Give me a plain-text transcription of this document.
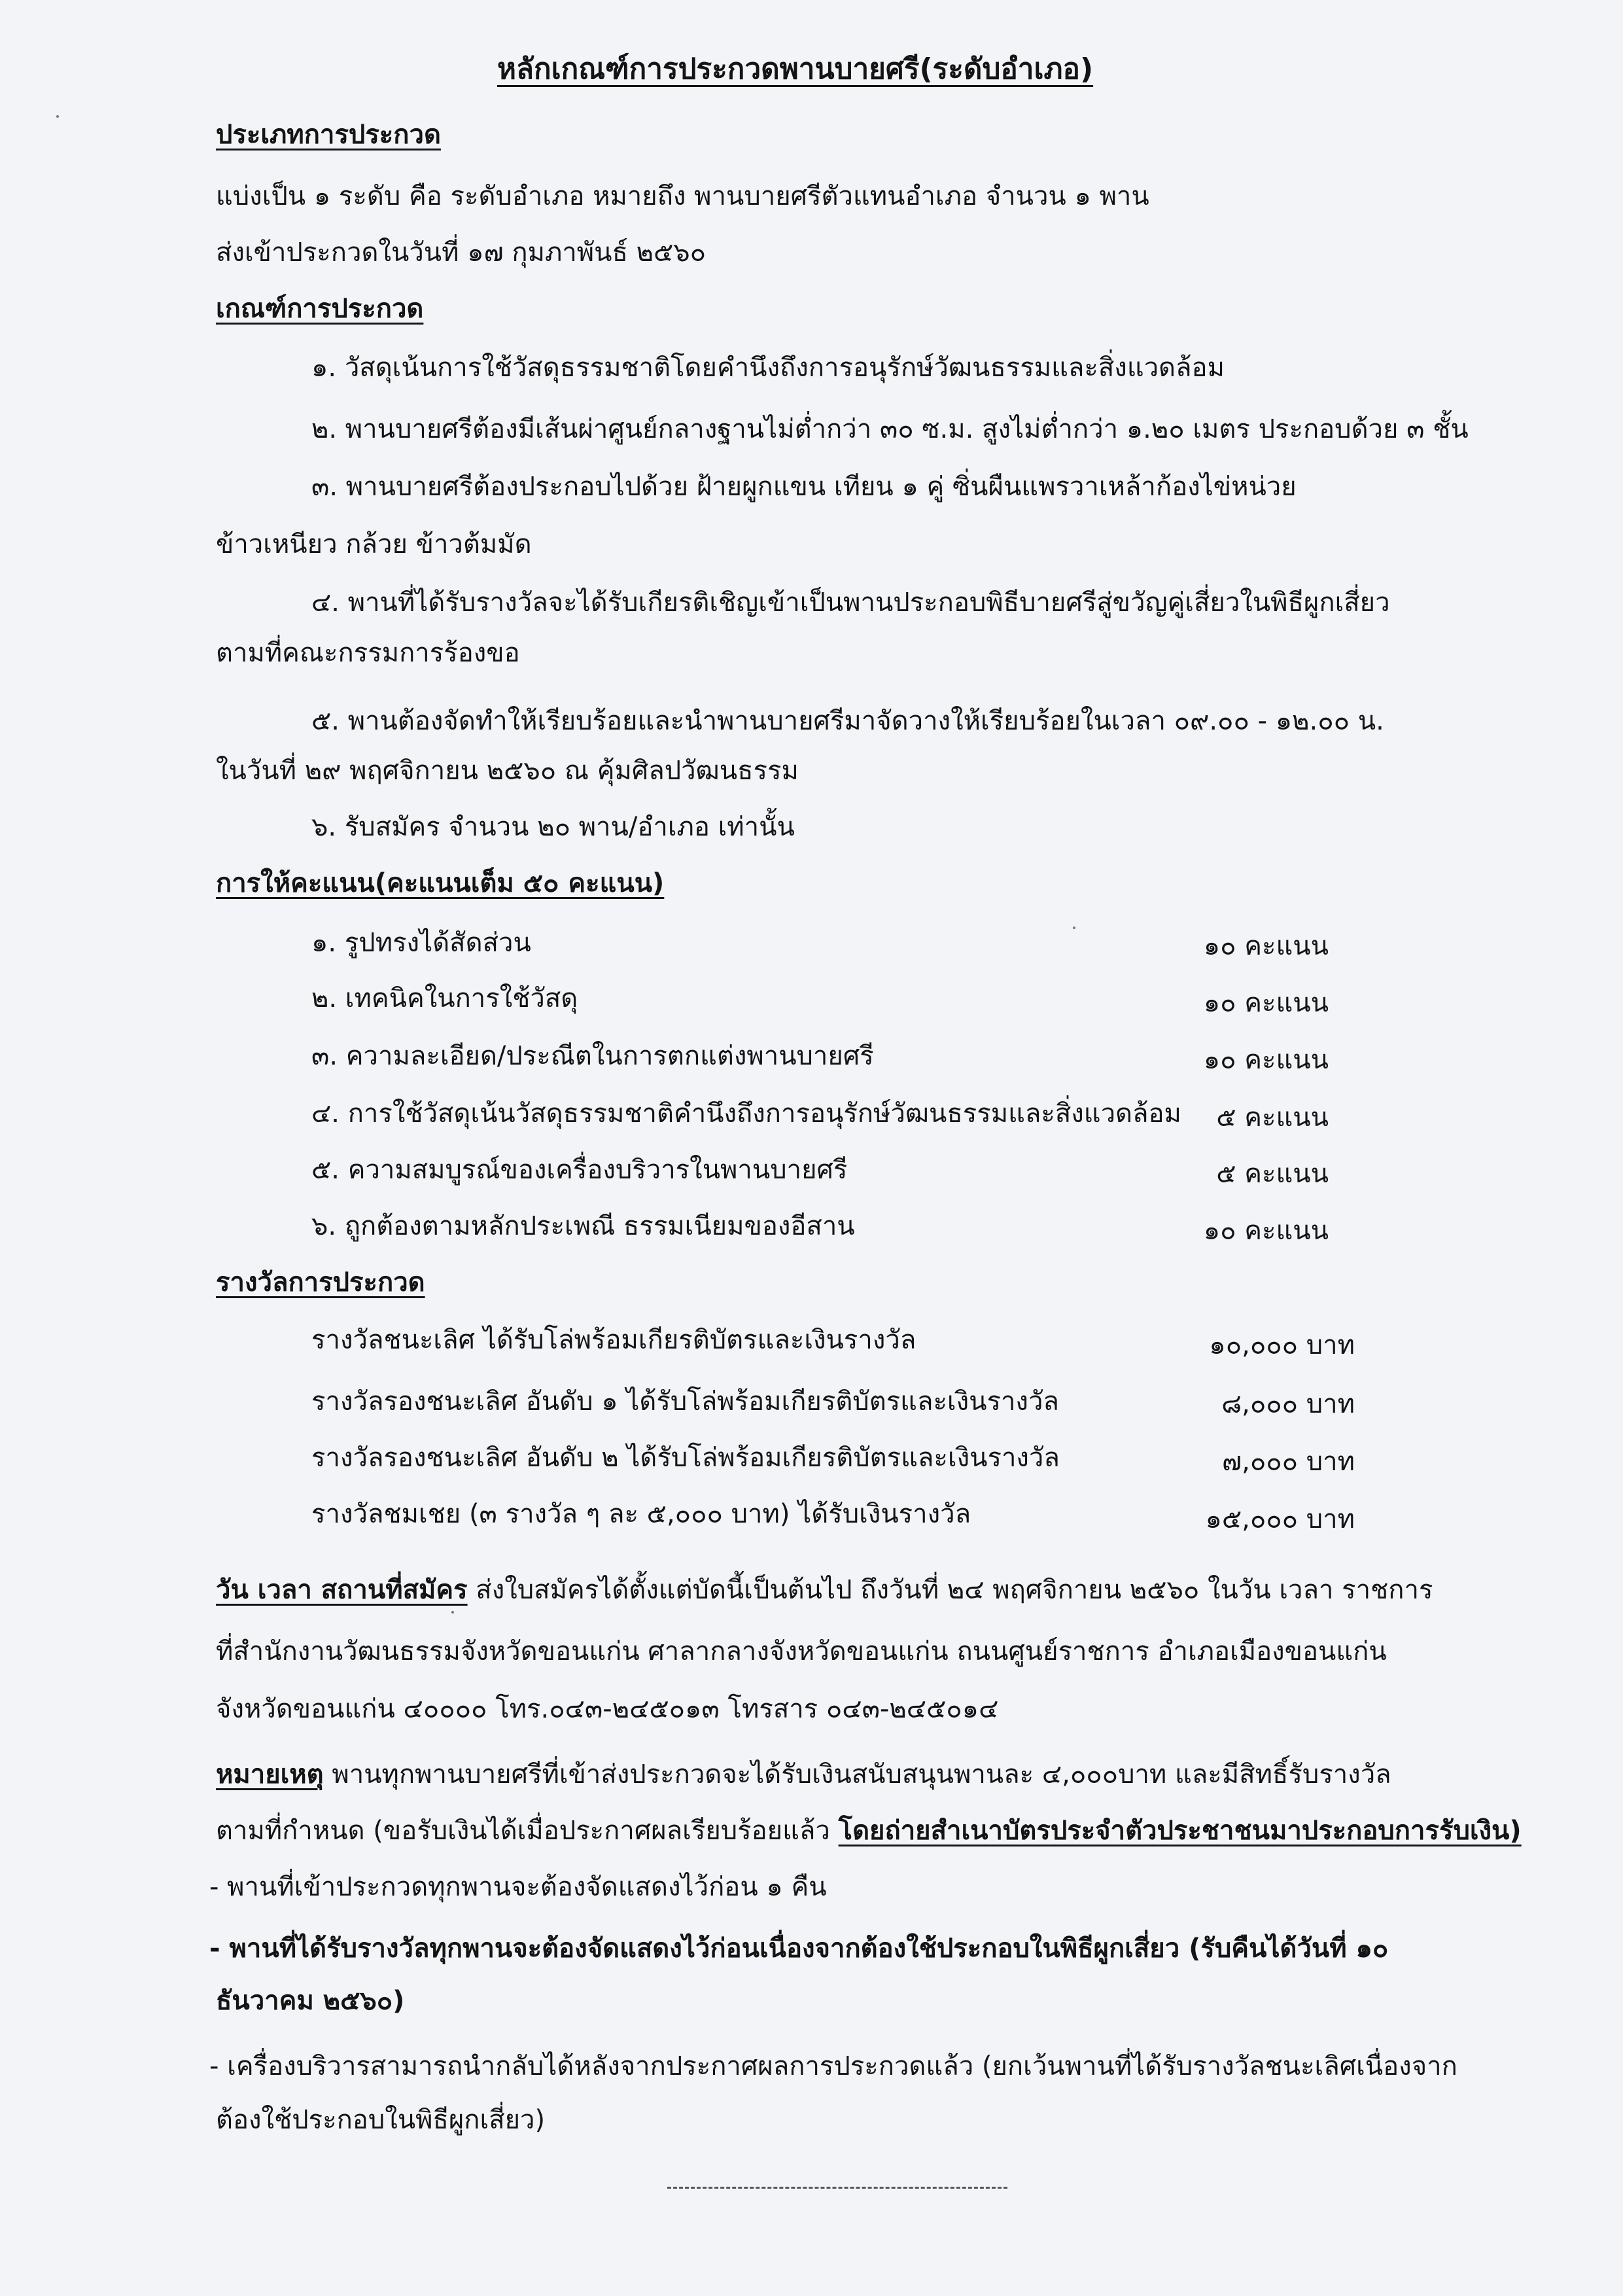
หลักเกณฑ์การประกวดพานบายศรี(ระดับอำเภอ)
ประเภทการประกวด
แบ่งเป็น ๑ ระดับ คือ ระดับอำเภอ หมายถึง พานบายศรีตัวแทนอำเภอ จำนวน ๑ พาน
ส่งเข้าประกวดในวันที่ ๑๗ กุมภาพันธ์ ๒๕๖๐
เกณฑ์การประกวด
๑. วัสดุเน้นการใช้วัสดุธรรมชาติโดยคำนึงถึงการอนุรักษ์วัฒนธรรมและสิ่งแวดล้อม
๒. พานบายศรีต้องมีเส้นผ่าศูนย์กลางฐานไม่ต่ำกว่า ๓๐ ซ.ม. สูงไม่ต่ำกว่า ๑.๒๐ เมตร ประกอบด้วย ๓ ชั้น
๓. พานบายศรีต้องประกอบไปด้วย ฝ้ายผูกแขน เทียน ๑ คู่ ซิ่นผืนแพรวาเหล้าก้องไข่หน่วย
ข้าวเหนียว กล้วย ข้าวต้มมัด
๔. พานที่ได้รับรางวัลจะได้รับเกียรติเชิญเข้าเป็นพานประกอบพิธีบายศรีสู่ขวัญคู่เสี่ยวในพิธีผูกเสี่ยว
ตามที่คณะกรรมการร้องขอ
๕. พานต้องจัดทำให้เรียบร้อยและนำพานบายศรีมาจัดวางให้เรียบร้อยในเวลา ๐๙.๐๐ - ๑๒.๐๐ น.
ในวันที่ ๒๙ พฤศจิกายน ๒๕๖๐ ณ คุ้มศิลปวัฒนธรรม
๖. รับสมัคร จำนวน ๒๐ พาน/อำเภอ เท่านั้น
การให้คะแนน(คะแนนเต็ม ๕๐ คะแนน)
๑. รูปทรงได้สัดส่วน	๑๐ คะแนน
๒. เทคนิคในการใช้วัสดุ	๑๐ คะแนน
๓. ความละเอียด/ประณีตในการตกแต่งพานบายศรี	๑๐ คะแนน
๔. การใช้วัสดุเน้นวัสดุธรรมชาติคำนึงถึงการอนุรักษ์วัฒนธรรมและสิ่งแวดล้อม ๕ คะแนน
๕. ความสมบูรณ์ของเครื่องบริวารในพานบายศรี	๕ คะแนน
๖. ถูกต้องตามหลักประเพณี ธรรมเนียมของอีสาน	๑๐ คะแนน
รางวัลการประกวด
รางวัลชนะเลิศ ได้รับโล่พร้อมเกียรติบัตรและเงินรางวัล	๑๐,๐๐๐ บาท
รางวัลรองชนะเลิศ อันดับ ๑ ได้รับโล่พร้อมเกียรติบัตรและเงินรางวัล	๘,๐๐๐ บาท
รางวัลรองชนะเลิศ อันดับ ๒ ได้รับโล่พร้อมเกียรติบัตรและเงินรางวัล	๗,๐๐๐ บาท
รางวัลชมเชย (๓ รางวัล ๆ ละ ๕,๐๐๐ บาท) ได้รับเงินรางวัล	๑๕,๐๐๐ บาท
วัน เวลา สถานที่สมัคร ส่งใบสมัครได้ตั้งแต่บัดนี้เป็นต้นไป ถึงวันที่ ๒๔ พฤศจิกายน ๒๕๖๐ ในวัน เวลา ราชการ
ที่สำนักงานวัฒนธรรมจังหวัดขอนแก่น ศาลากลางจังหวัดขอนแก่น ถนนศูนย์ราชการ อำเภอเมืองขอนแก่น
จังหวัดขอนแก่น ๔๐๐๐๐ โทร.๐๔๓-๒๔๕๐๑๓ โทรสาร ๐๔๓-๒๔๕๐๑๔
หมายเหตุ พานทุกพานบายศรีที่เข้าส่งประกวดจะได้รับเงินสนับสนุนพานละ ๔,๐๐๐บาท และมีสิทธิ์รับรางวัล
ตามที่กำหนด (ขอรับเงินได้เมื่อประกาศผลเรียบร้อยแล้ว โดยถ่ายสำเนาบัตรประจำตัวประชาชนมาประกอบการรับเงิน)
- พานที่เข้าประกวดทุกพานจะต้องจัดแสดงไว้ก่อน ๑ คืน
- พานที่ได้รับรางวัลทุกพานจะต้องจัดแสดงไว้ก่อนเนื่องจากต้องใช้ประกอบในพิธีผูกเสี่ยว (รับคืนได้วันที่ ๑๐
ธันวาคม ๒๕๖๐)
- เครื่องบริวารสามารถนำกลับได้หลังจากประกาศผลการประกวดแล้ว (ยกเว้นพานที่ได้รับรางวัลชนะเลิศเนื่องจาก
ต้องใช้ประกอบในพิธีผูกเสี่ยว)
